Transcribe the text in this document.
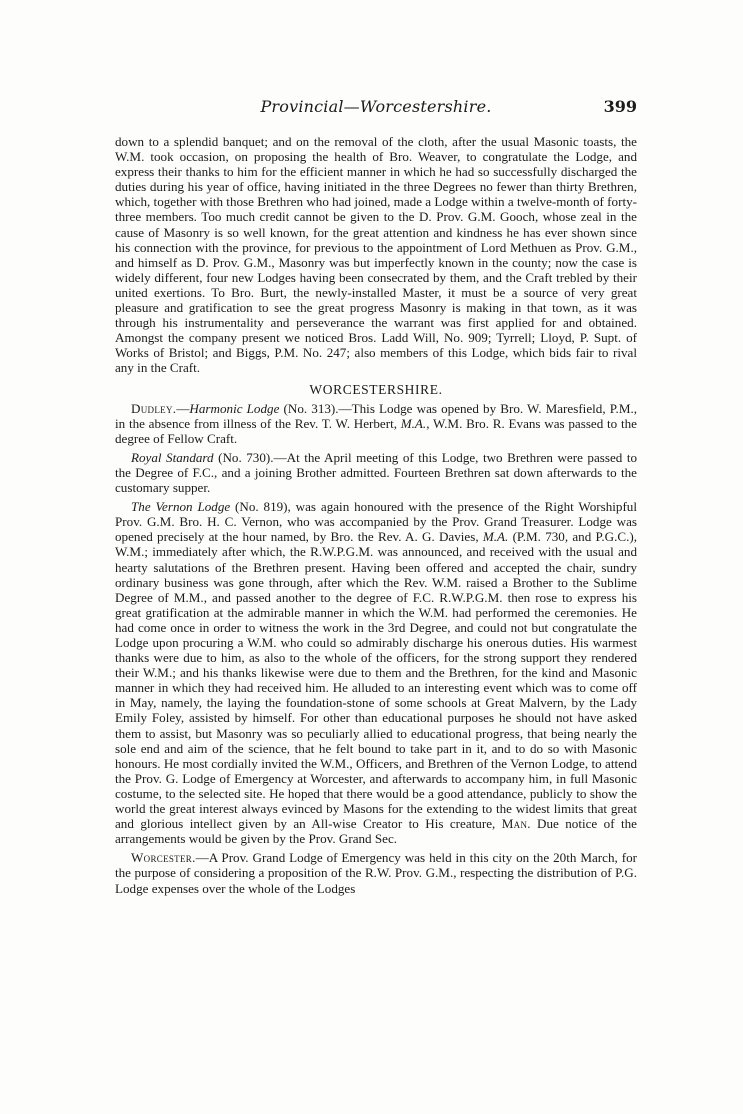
Provincial—Worcestershire.	399

down to a splendid banquet; and on the removal of the cloth, after the usual Masonic toasts, the W.M. took occasion, on proposing the health of Bro. Weaver, to congratulate the Lodge, and express their thanks to him for the efficient manner in which he had so successfully discharged the duties during his year of office, having initiated in the three Degrees no fewer than thirty Brethren, which, together with those Brethren who had joined, made a Lodge within a twelve-month of forty-three members. Too much credit cannot be given to the D. Prov. G.M. Gooch, whose zeal in the cause of Masonry is so well known, for the great attention and kindness he has ever shown since his connection with the province, for previous to the appointment of Lord Methuen as Prov. G.M., and himself as D. Prov. G.M., Masonry was but imperfectly known in the county; now the case is widely different, four new Lodges having been consecrated by them, and the Craft trebled by their united exertions. To Bro. Burt, the newly-installed Master, it must be a source of very great pleasure and gratification to see the great progress Masonry is making in that town, as it was through his instrumentality and perseverance the warrant was first applied for and obtained. Amongst the company present we noticed Bros. Ladd Will, No. 909; Tyrrell; Lloyd, P. Supt. of Works of Bristol; and Biggs, P.M. No. 247; also members of this Lodge, which bids fair to rival any in the Craft.

WORCESTERSHIRE.

Dudley.—Harmonic Lodge (No. 313).—This Lodge was opened by Bro. W. Maresfield, P.M., in the absence from illness of the Rev. T. W. Herbert, M.A., W.M. Bro. R. Evans was passed to the degree of Fellow Craft.

Royal Standard (No. 730).—At the April meeting of this Lodge, two Brethren were passed to the Degree of F.C., and a joining Brother admitted. Fourteen Brethren sat down afterwards to the customary supper.

The Vernon Lodge (No. 819), was again honoured with the presence of the Right Worshipful Prov. G.M. Bro. H. C. Vernon, who was accompanied by the Prov. Grand Treasurer. Lodge was opened precisely at the hour named, by Bro. the Rev. A. G. Davies, M.A. (P.M. 730, and P.G.C.), W.M.; immediately after which, the R.W.P.G.M. was announced, and received with the usual and hearty salutations of the Brethren present. Having been offered and accepted the chair, sundry ordinary business was gone through, after which the Rev. W.M. raised a Brother to the Sublime Degree of M.M., and passed another to the degree of F.C. R.W.P.G.M. then rose to express his great gratification at the admirable manner in which the W.M. had performed the ceremonies. He had come once in order to witness the work in the 3rd Degree, and could not but congratulate the Lodge upon procuring a W.M. who could so admirably discharge his onerous duties. His warmest thanks were due to him, as also to the whole of the officers, for the strong support they rendered their W.M.; and his thanks likewise were due to them and the Brethren, for the kind and Masonic manner in which they had received him. He alluded to an interesting event which was to come off in May, namely, the laying the foundation-stone of some schools at Great Malvern, by the Lady Emily Foley, assisted by himself. For other than educational purposes he should not have asked them to assist, but Masonry was so peculiarly allied to educational progress, that being nearly the sole end and aim of the science, that he felt bound to take part in it, and to do so with Masonic honours. He most cordially invited the W.M., Officers, and Brethren of the Vernon Lodge, to attend the Prov. G. Lodge of Emergency at Worcester, and afterwards to accompany him, in full Masonic costume, to the selected site. He hoped that there would be a good attendance, publicly to show the world the great interest always evinced by Masons for the extending to the widest limits that great and glorious intellect given by an All-wise Creator to His creature, Man. Due notice of the arrangements would be given by the Prov. Grand Sec.

Worcester.—A Prov. Grand Lodge of Emergency was held in this city on the 20th March, for the purpose of considering a proposition of the R.W. Prov. G.M., respecting the distribution of P.G. Lodge expenses over the whole of the Lodges
